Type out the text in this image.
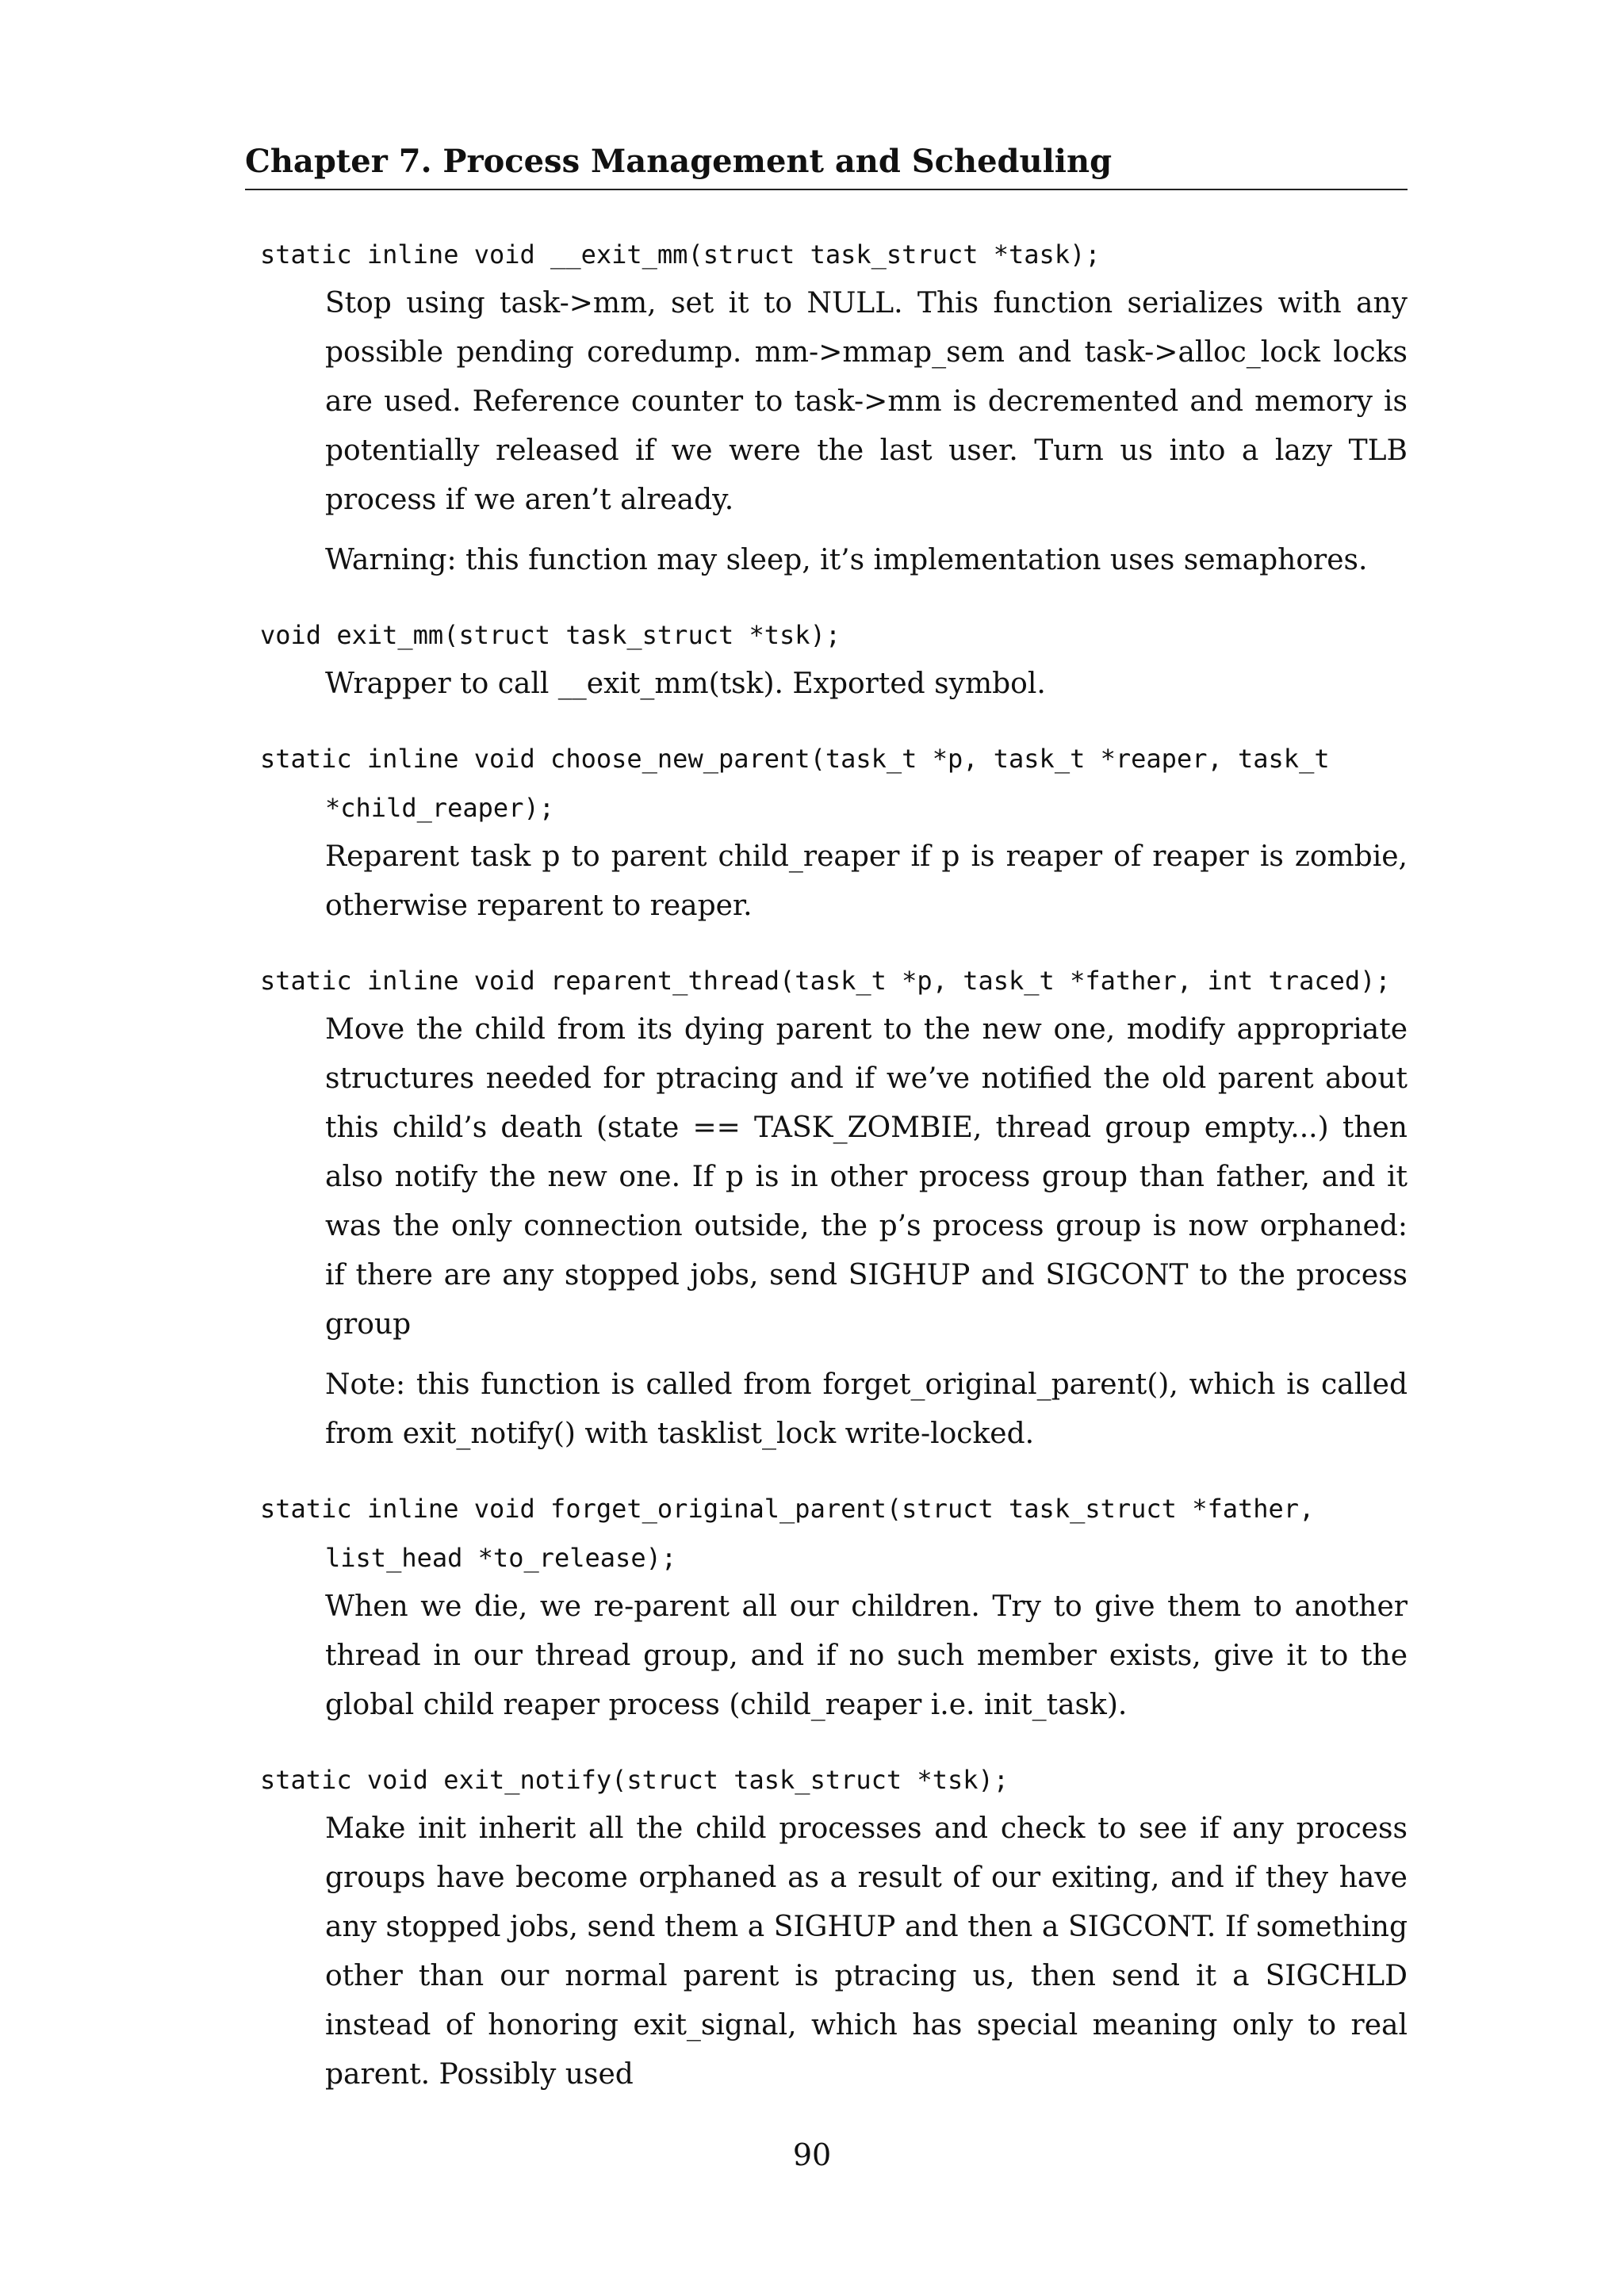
Chapter 7. Process Management and Scheduling

static inline void __exit_mm(struct task_struct *task);

Stop using task->mm, set it to NULL. This function serializes with any possible pending coredump. mm->mmap_sem and task->alloc_lock locks are used. Reference counter to task->mm is decremented and memory is potentially released if we were the last user. Turn us into a lazy TLB process if we aren’t already.

Warning: this function may sleep, it’s implementation uses semaphores.

void exit_mm(struct task_struct *tsk);

Wrapper to call __exit_mm(tsk). Exported symbol.

static inline void choose_new_parent(task_t *p, task_t *reaper, task_t *child_reaper);

Reparent task p to parent child_reaper if p is reaper of reaper is zombie, otherwise reparent to reaper.

static inline void reparent_thread(task_t *p, task_t *father, int traced);

Move the child from its dying parent to the new one, modify appropriate structures needed for ptracing and if we’ve notified the old parent about this child’s death (state == TASK_ZOMBIE, thread group empty...) then also notify the new one. If p is in other process group than father, and it was the only connection outside, the p’s process group is now orphaned: if there are any stopped jobs, send SIGHUP and SIGCONT to the process group

Note: this function is called from forget_original_parent(), which is called from exit_notify() with tasklist_lock write-locked.

static inline void forget_original_parent(struct task_struct *father, list_head *to_release);

When we die, we re-parent all our children. Try to give them to another thread in our thread group, and if no such member exists, give it to the global child reaper process (child_reaper i.e. init_task).

static void exit_notify(struct task_struct *tsk);

Make init inherit all the child processes and check to see if any process groups have become orphaned as a result of our exiting, and if they have any stopped jobs, send them a SIGHUP and then a SIGCONT. If something other than our normal parent is ptracing us, then send it a SIGCHLD instead of honoring exit_signal, which has special meaning only to real parent. Possibly used

90
